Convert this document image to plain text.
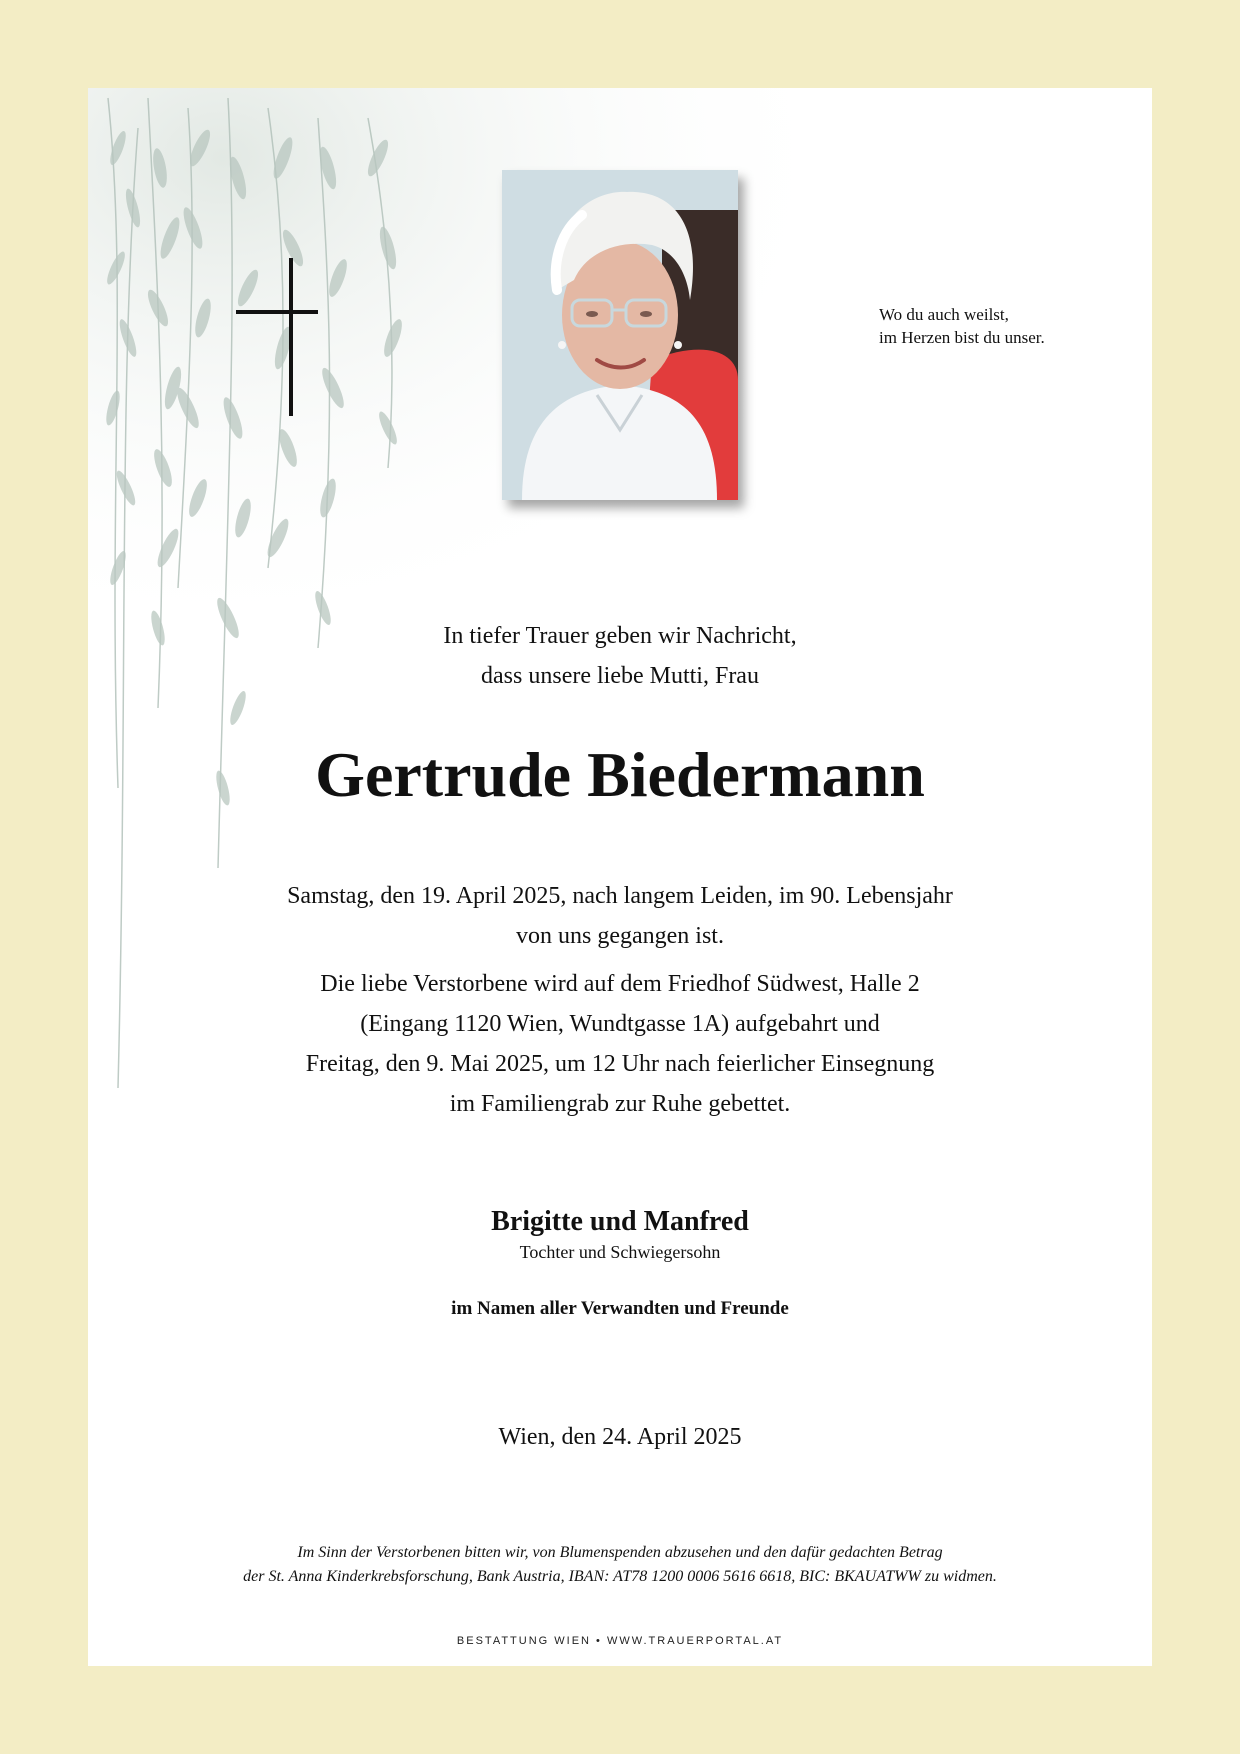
Wo du auch weilst,
im Herzen bist du unser.
In tiefer Trauer geben wir Nachricht,
dass unsere liebe Mutti, Frau
Gertrude Biedermann
Samstag, den 19. April 2025, nach langem Leiden, im 90. Lebensjahr
von uns gegangen ist.
Die liebe Verstorbene wird auf dem Friedhof Südwest, Halle 2
(Eingang 1120 Wien, Wundtgasse 1A) aufgebahrt und
Freitag, den 9. Mai 2025, um 12 Uhr nach feierlicher Einsegnung
im Familiengrab zur Ruhe gebettet.
Brigitte und Manfred
Tochter und Schwiegersohn
im Namen aller Verwandten und Freunde
Wien, den 24. April 2025
Im Sinn der Verstorbenen bitten wir, von Blumenspenden abzusehen und den dafür gedachten Betrag
der St. Anna Kinderkrebsforschung, Bank Austria, IBAN: AT78 1200 0006 5616 6618, BIC: BKAUATWW zu widmen.
BESTATTUNG WIEN • WWW.TRAUERPORTAL.AT
